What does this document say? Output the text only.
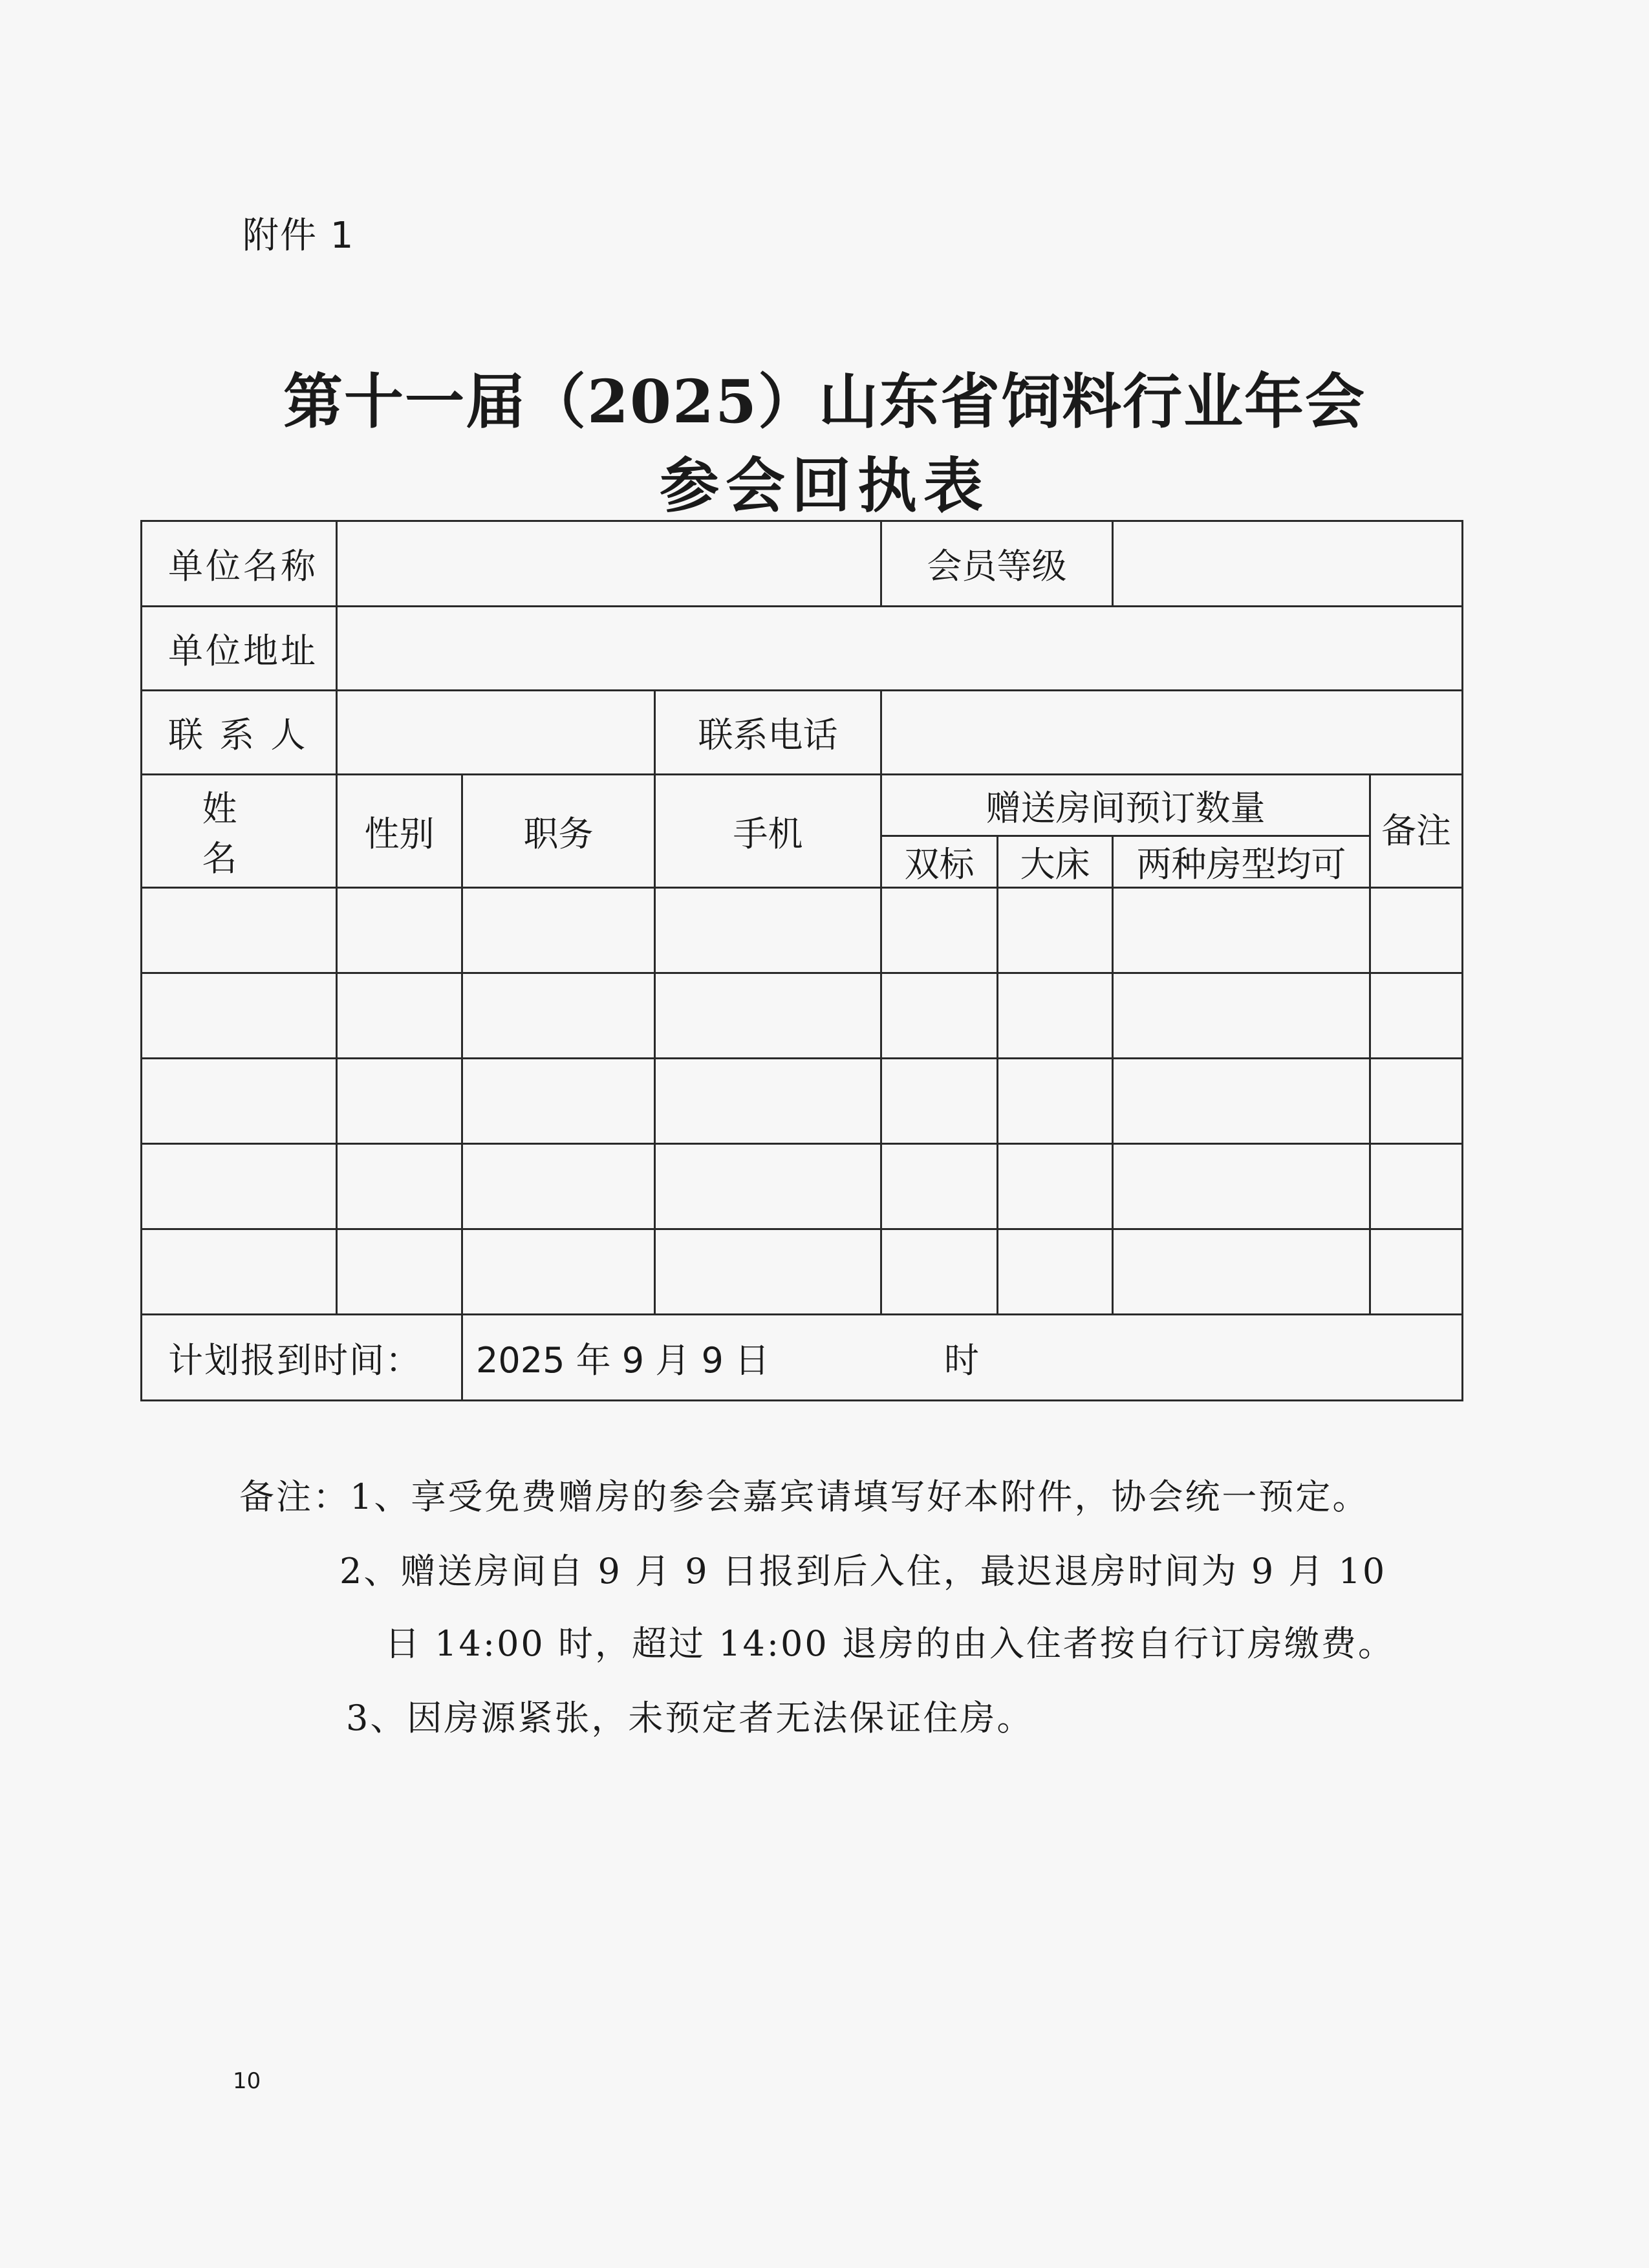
附件 1
第十一届（2025）山东省饲料行业年会
参会回执表
单位名称				会员等级			
单位地址							
联 系 人			联系电话				
姓 名	性别	职务	手机	赠送房间预订数量			备注
				双标	大床	两种房型均可	

计划报到时间：		2025 年 9 月 9 日 时					
备注：1、享受免费赠房的参会嘉宾请填写好本附件，协会统一预定。
2、赠送房间自 9 月 9 日报到后入住，最迟退房时间为 9 月 10
日 14:00 时，超过 14:00 退房的由入住者按自行订房缴费。
3、因房源紧张，未预定者无法保证住房。
10
